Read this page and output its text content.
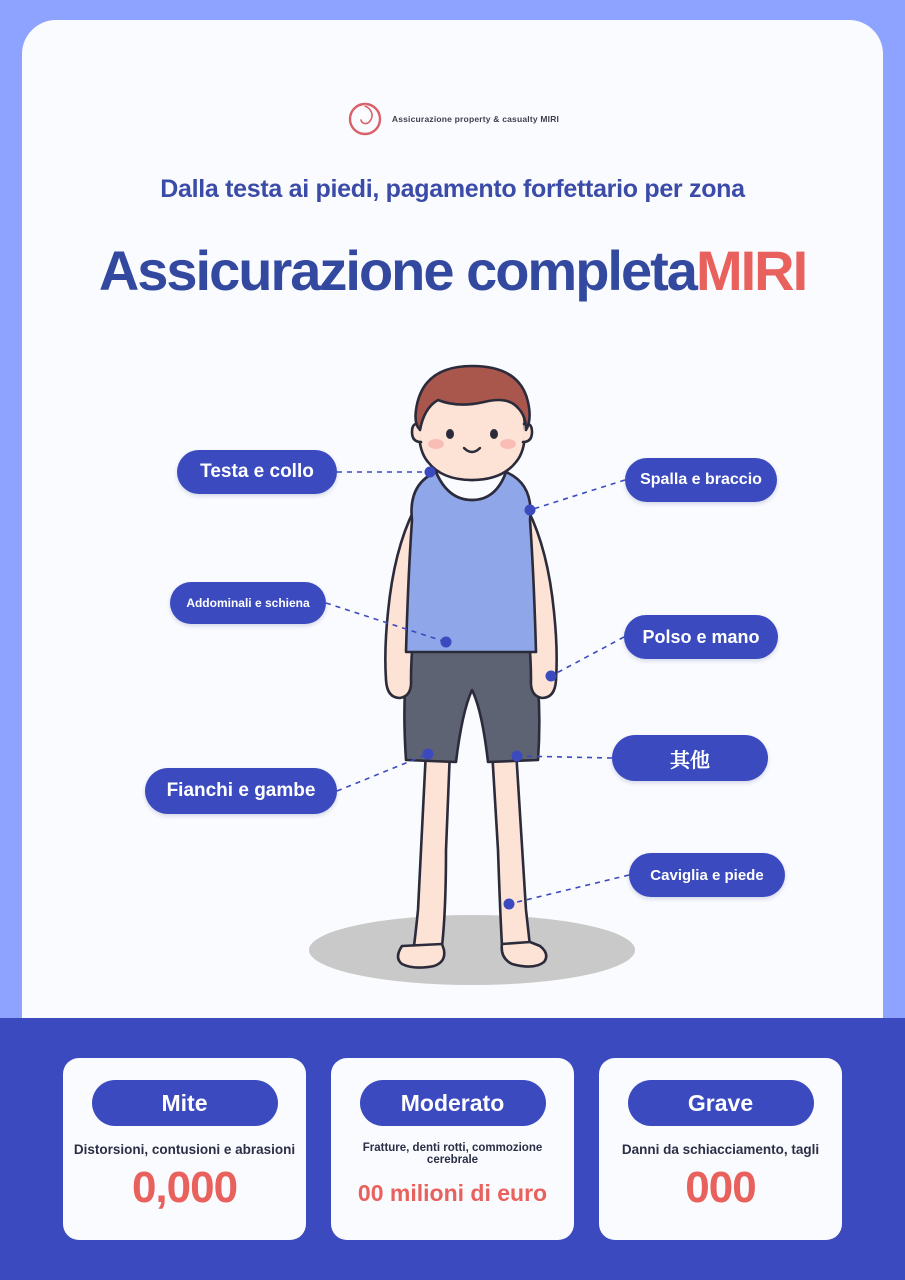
Assicurazione property & casualty MIRI
Dalla testa ai piedi, pagamento forfettario per zona
Assicurazione completaMIRI
Testa e collo	Spalla e braccio
Addominali e schiena
Polso e mano
其他
Fianchi e gambe
Caviglia e piede
Mite
Distorsioni, contusioni e abrasioni
0,000
Moderato
Fratture, denti rotti, commozione cerebrale
00 milioni di euro
Grave
Danni da schiacciamento, tagli
000
